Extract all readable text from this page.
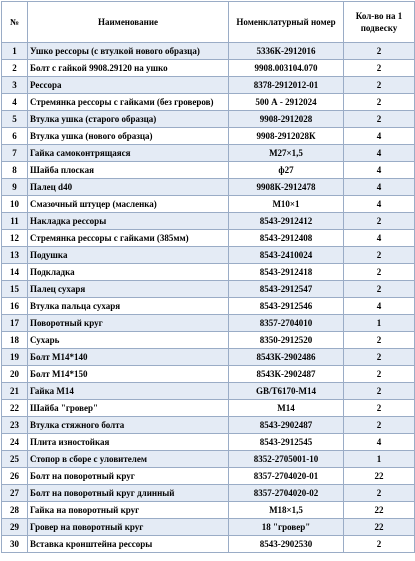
№	Наименование	Номенклатурный номер	Кол-во на 1 подвеску
1	Ушко рессоры (с втулкой нового образца)	5336К-2912016	2
2	Болт с гайкой 9908.29120 на ушко	9908.003104.070	2
3	Рессора	8378-2912012-01	2
4	Стремянка рессоры с гайками (без гроверов)	500 А - 2912024	2
5	Втулка ушка (старого образца)	9908-2912028	2
6	Втулка ушка (нового образца)	9908-2912028К	4
7	Гайка самоконтрящаяся	М27×1,5	4
8	Шайба плоская	ф27	4
9	Палец d40	9908К-2912478	4
10	Смазочный штуцер (масленка)	М10×1	4
11	Накладка рессоры	8543-2912412	2
12	Стремянка рессоры с гайками (385мм)	8543-2912408	4
13	Подушка	8543-2410024	2
14	Подкладка	8543-2912418	2
15	Палец сухаря	8543-2912547	2
16	Втулка пальца сухаря	8543-2912546	4
17	Поворотный круг	8357-2704010	1
18	Сухарь	8350-2912520	2
19	Болт М14*140	8543К-2902486	2
20	Болт М14*150	8543К-2902487	2
21	Гайка М14	GB/T6170-М14	2
22	Шайба "гровер"	М14	2
23	Втулка стяжного болта	8543-2902487	2
24	Плита изностойкая	8543-2912545	4
25	Стопор в сборе с уловителем	8352-2705001-10	1
26	Болт на поворотный круг	8357-2704020-01	22
27	Болт на поворотный круг длинный	8357-2704020-02	2
28	Гайка на поворотный круг	М18×1,5	22
29	Гровер на поворотный круг	18 "гровер"	22
30	Вставка кронштейна рессоры	8543-2902530	2
